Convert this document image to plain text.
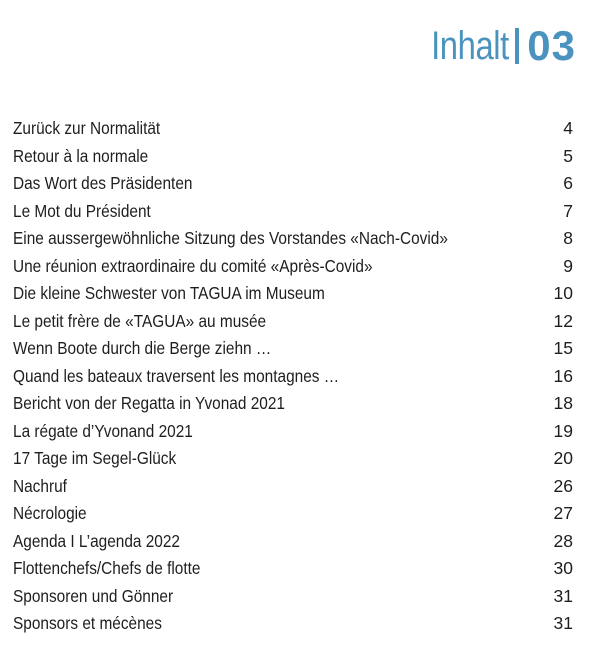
Inhalt 03
Zurück zur Normalität	4
Retour à la normale	5
Das Wort des Präsidenten	6
Le Mot du Président	7
Eine aussergewöhnliche Sitzung des Vorstandes «Nach-Covid»	8
Une réunion extraordinaire du comité «Après-Covid»	9
Die kleine Schwester von TAGUA im Museum	10
Le petit frère de «TAGUA» au musée	12
Wenn Boote durch die Berge ziehn …	15
Quand les bateaux traversent les montagnes …	16
Bericht von der Regatta in Yvonad 2021	18
La régate d’Yvonand 2021	19
17 Tage im Segel-Glück	20
Nachruf	26
Nécrologie	27
Agenda I L’agenda 2022	28
Flottenchefs/Chefs de flotte	30
Sponsoren und Gönner	31
Sponsors et mécènes	31
